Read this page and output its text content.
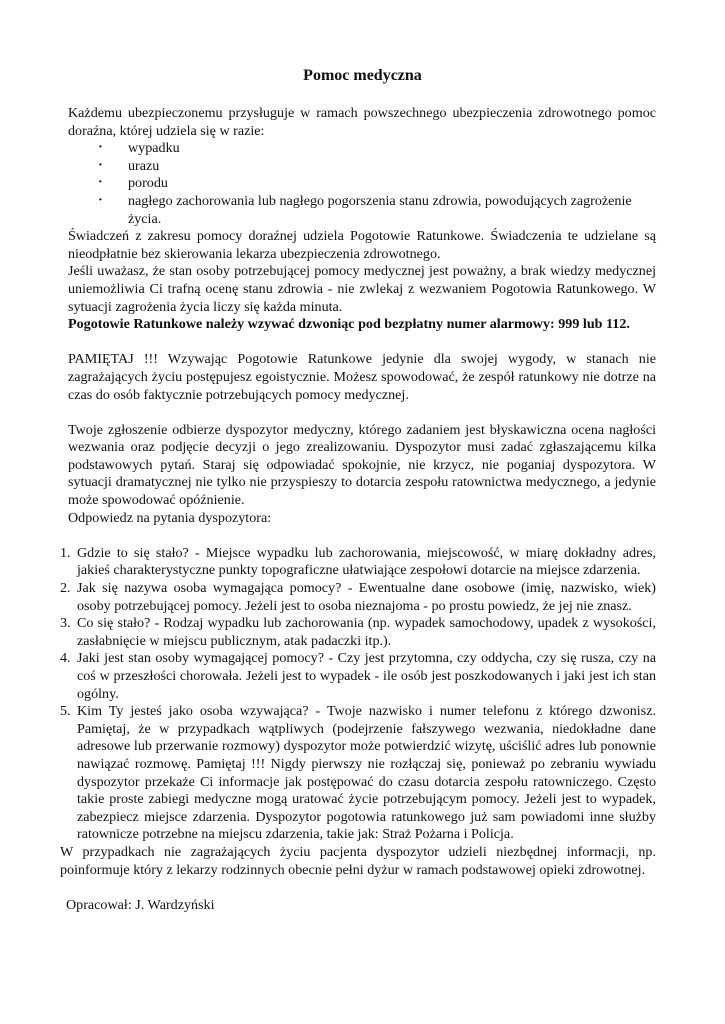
Pomoc medyczna

Każdemu ubezpieczonemu przysługuje w ramach powszechnego ubezpieczenia zdrowotnego pomoc doraźna, której udziela się w razie:

· wypadku
· urazu
· porodu
· nagłego zachorowania lub nagłego pogorszenia stanu zdrowia, powodujących zagrożenie życia.

Świadczeń z zakresu pomocy doraźnej udziela Pogotowie Ratunkowe. Świadczenia te udzielane są nieodpłatnie bez skierowania lekarza ubezpieczenia zdrowotnego.

Jeśli uważasz, że stan osoby potrzebującej pomocy medycznej jest poważny, a brak wiedzy medycznej uniemożliwia Ci trafną ocenę stanu zdrowia - nie zwlekaj z wezwaniem Pogotowia Ratunkowego. W sytuacji zagrożenia życia liczy się każda minuta.

Pogotowie Ratunkowe należy wzywać dzwoniąc pod bezpłatny numer alarmowy: 999 lub 112.

PAMIĘTAJ !!! Wzywając Pogotowie Ratunkowe jedynie dla swojej wygody, w stanach nie zagrażających życiu postępujesz egoistycznie. Możesz spowodować, że zespół ratunkowy nie dotrze na czas do osób faktycznie potrzebujących pomocy medycznej.

Twoje zgłoszenie odbierze dyspozytor medyczny, którego zadaniem jest błyskawiczna ocena nagłości wezwania oraz podjęcie decyzji o jego zrealizowaniu. Dyspozytor musi zadać zgłaszającemu kilka podstawowych pytań. Staraj się odpowiadać spokojnie, nie krzycz, nie poganiaj dyspozytora. W sytuacji dramatycznej nie tylko nie przyspieszy to dotarcia zespołu ratownictwa medycznego, a jedynie może spowodować opóźnienie.

Odpowiedz na pytania dyspozytora:

Gdzie to się stało? - Miejsce wypadku lub zachorowania, miejscowość, w miarę dokładny adres, jakieś charakterystyczne punkty topograficzne ułatwiające zespołowi dotarcie na miejsce zdarzenia.
Jak się nazywa osoba wymagająca pomocy? - Ewentualne dane osobowe (imię, nazwisko, wiek) osoby potrzebującej pomocy. Jeżeli jest to osoba nieznajoma - po prostu powiedz, że jej nie znasz.
Co się stało? - Rodzaj wypadku lub zachorowania (np. wypadek samochodowy, upadek z wysokości, zasłabnięcie w miejscu publicznym, atak padaczki itp.).
Jaki jest stan osoby wymagającej pomocy? - Czy jest przytomna, czy oddycha, czy się rusza, czy na coś w przeszłości chorowała. Jeżeli jest to wypadek - ile osób jest poszkodowanych i jaki jest ich stan ogólny.
Kim Ty jesteś jako osoba wzywająca? - Twoje nazwisko i numer telefonu z którego dzwonisz. Pamiętaj, że w przypadkach wątpliwych (podejrzenie fałszywego wezwania, niedokładne dane adresowe lub przerwanie rozmowy) dyspozytor może potwierdzić wizytę, uściślić adres lub ponownie nawiązać rozmowę. Pamiętaj !!! Nigdy pierwszy nie rozłączaj się, ponieważ po zebraniu wywiadu dyspozytor przekaże Ci informacje jak postępować do czasu dotarcia zespołu ratowniczego. Często takie proste zabiegi medyczne mogą uratować życie potrzebującym pomocy. Jeżeli jest to wypadek, zabezpiecz miejsce zdarzenia. Dyspozytor pogotowia ratunkowego już sam powiadomi inne służby ratownicze potrzebne na miejscu zdarzenia, takie jak: Straż Pożarna i Policja.

W przypadkach nie zagrażających życiu pacjenta dyspozytor udzieli niezbędnej informacji, np. poinformuje który z lekarzy rodzinnych obecnie pełni dyżur w ramach podstawowej opieki zdrowotnej.

Opracował: J. Wardzyński
